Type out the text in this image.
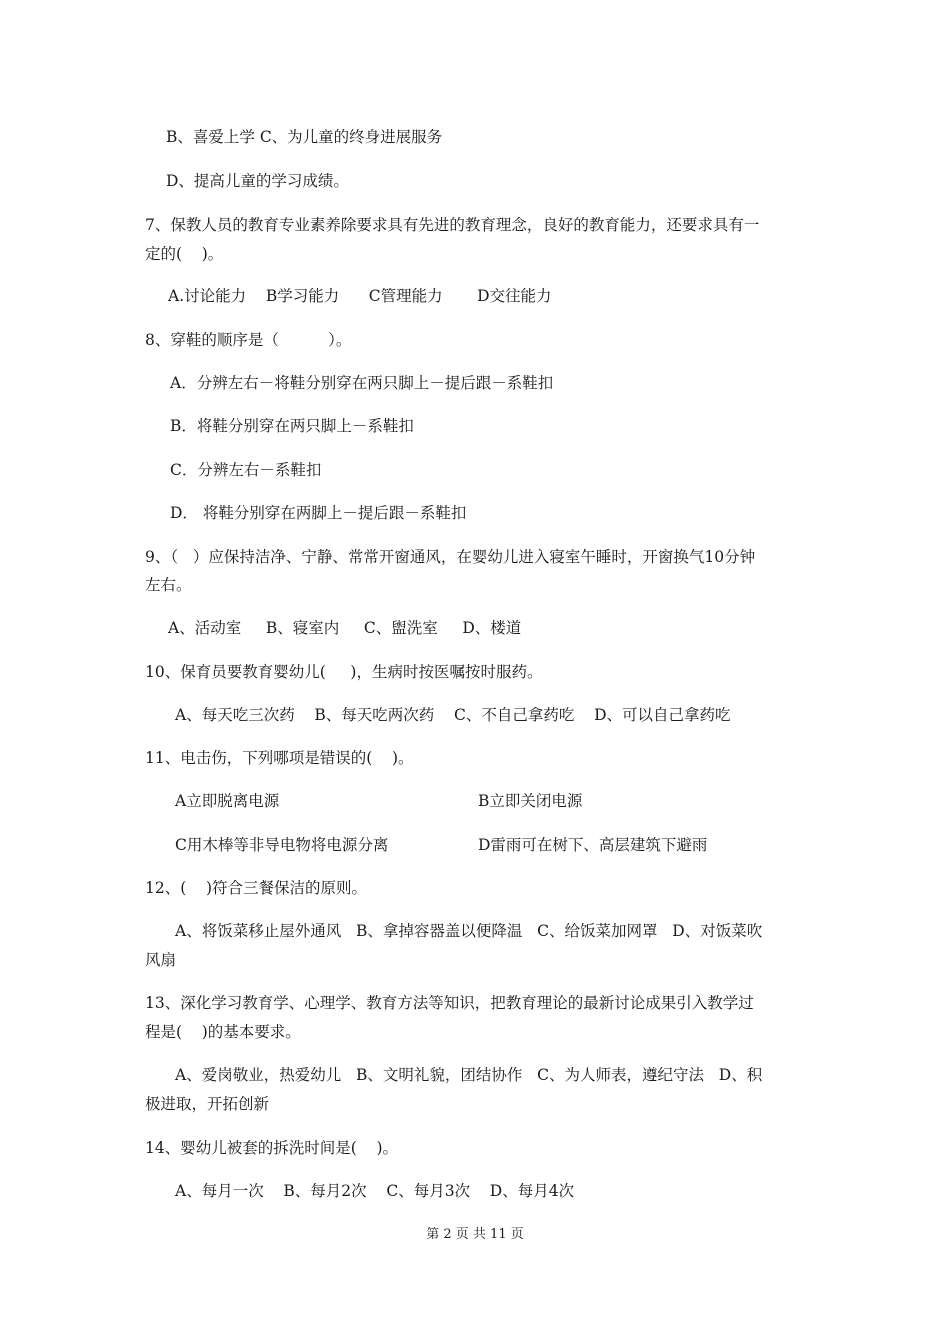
B、喜爱上学 C、为儿童的终身进展服务
D、提高儿童的学习成绩。
7、保教人员的教育专业素养除要求具有先进的教育理念，良好的教育能力，还要求具有一
定的(    )。
A.讨论能力    B学习能力      C管理能力       D交往能力
8、穿鞋的顺序是（          ）。
A．分辨左右－将鞋分别穿在两只脚上－提后跟－系鞋扣
B．将鞋分别穿在两只脚上－系鞋扣
C．分辨左右－系鞋扣
D． 将鞋分别穿在两脚上－提后跟－系鞋扣
9、（   ）应保持洁净、宁静、常常开窗通风，在婴幼儿进入寝室午睡时，开窗换气10分钟
左右。
A、活动室     B、寝室内     C、盥洗室     D、楼道
10、保育员要教育婴幼儿(     )，生病时按医嘱按时服药。
A、每天吃三次药    B、每天吃两次药    C、不自己拿药吃    D、可以自己拿药吃
11、电击伤，下列哪项是错误的(    )。
A立即脱离电源	B立即关闭电源
C用木棒等非导电物将电源分离	D雷雨可在树下、高层建筑下避雨
12、(    )符合三餐保洁的原则。
A、将饭菜移止屋外通风   B、拿掉容器盖以便降温   C、给饭菜加网罩   D、对饭菜吹
风扇
13、深化学习教育学、心理学、教育方法等知识，把教育理论的最新讨论成果引入教学过
程是(    )的基本要求。
A、爱岗敬业，热爱幼儿   B、文明礼貌，团结协作   C、为人师表，遵纪守法   D、积
极进取，开拓创新
14、婴幼儿被套的拆洗时间是(    )。
A、每月一次    B、每月2次    C、每月3次    D、每月4次
第 2 页 共 11 页
